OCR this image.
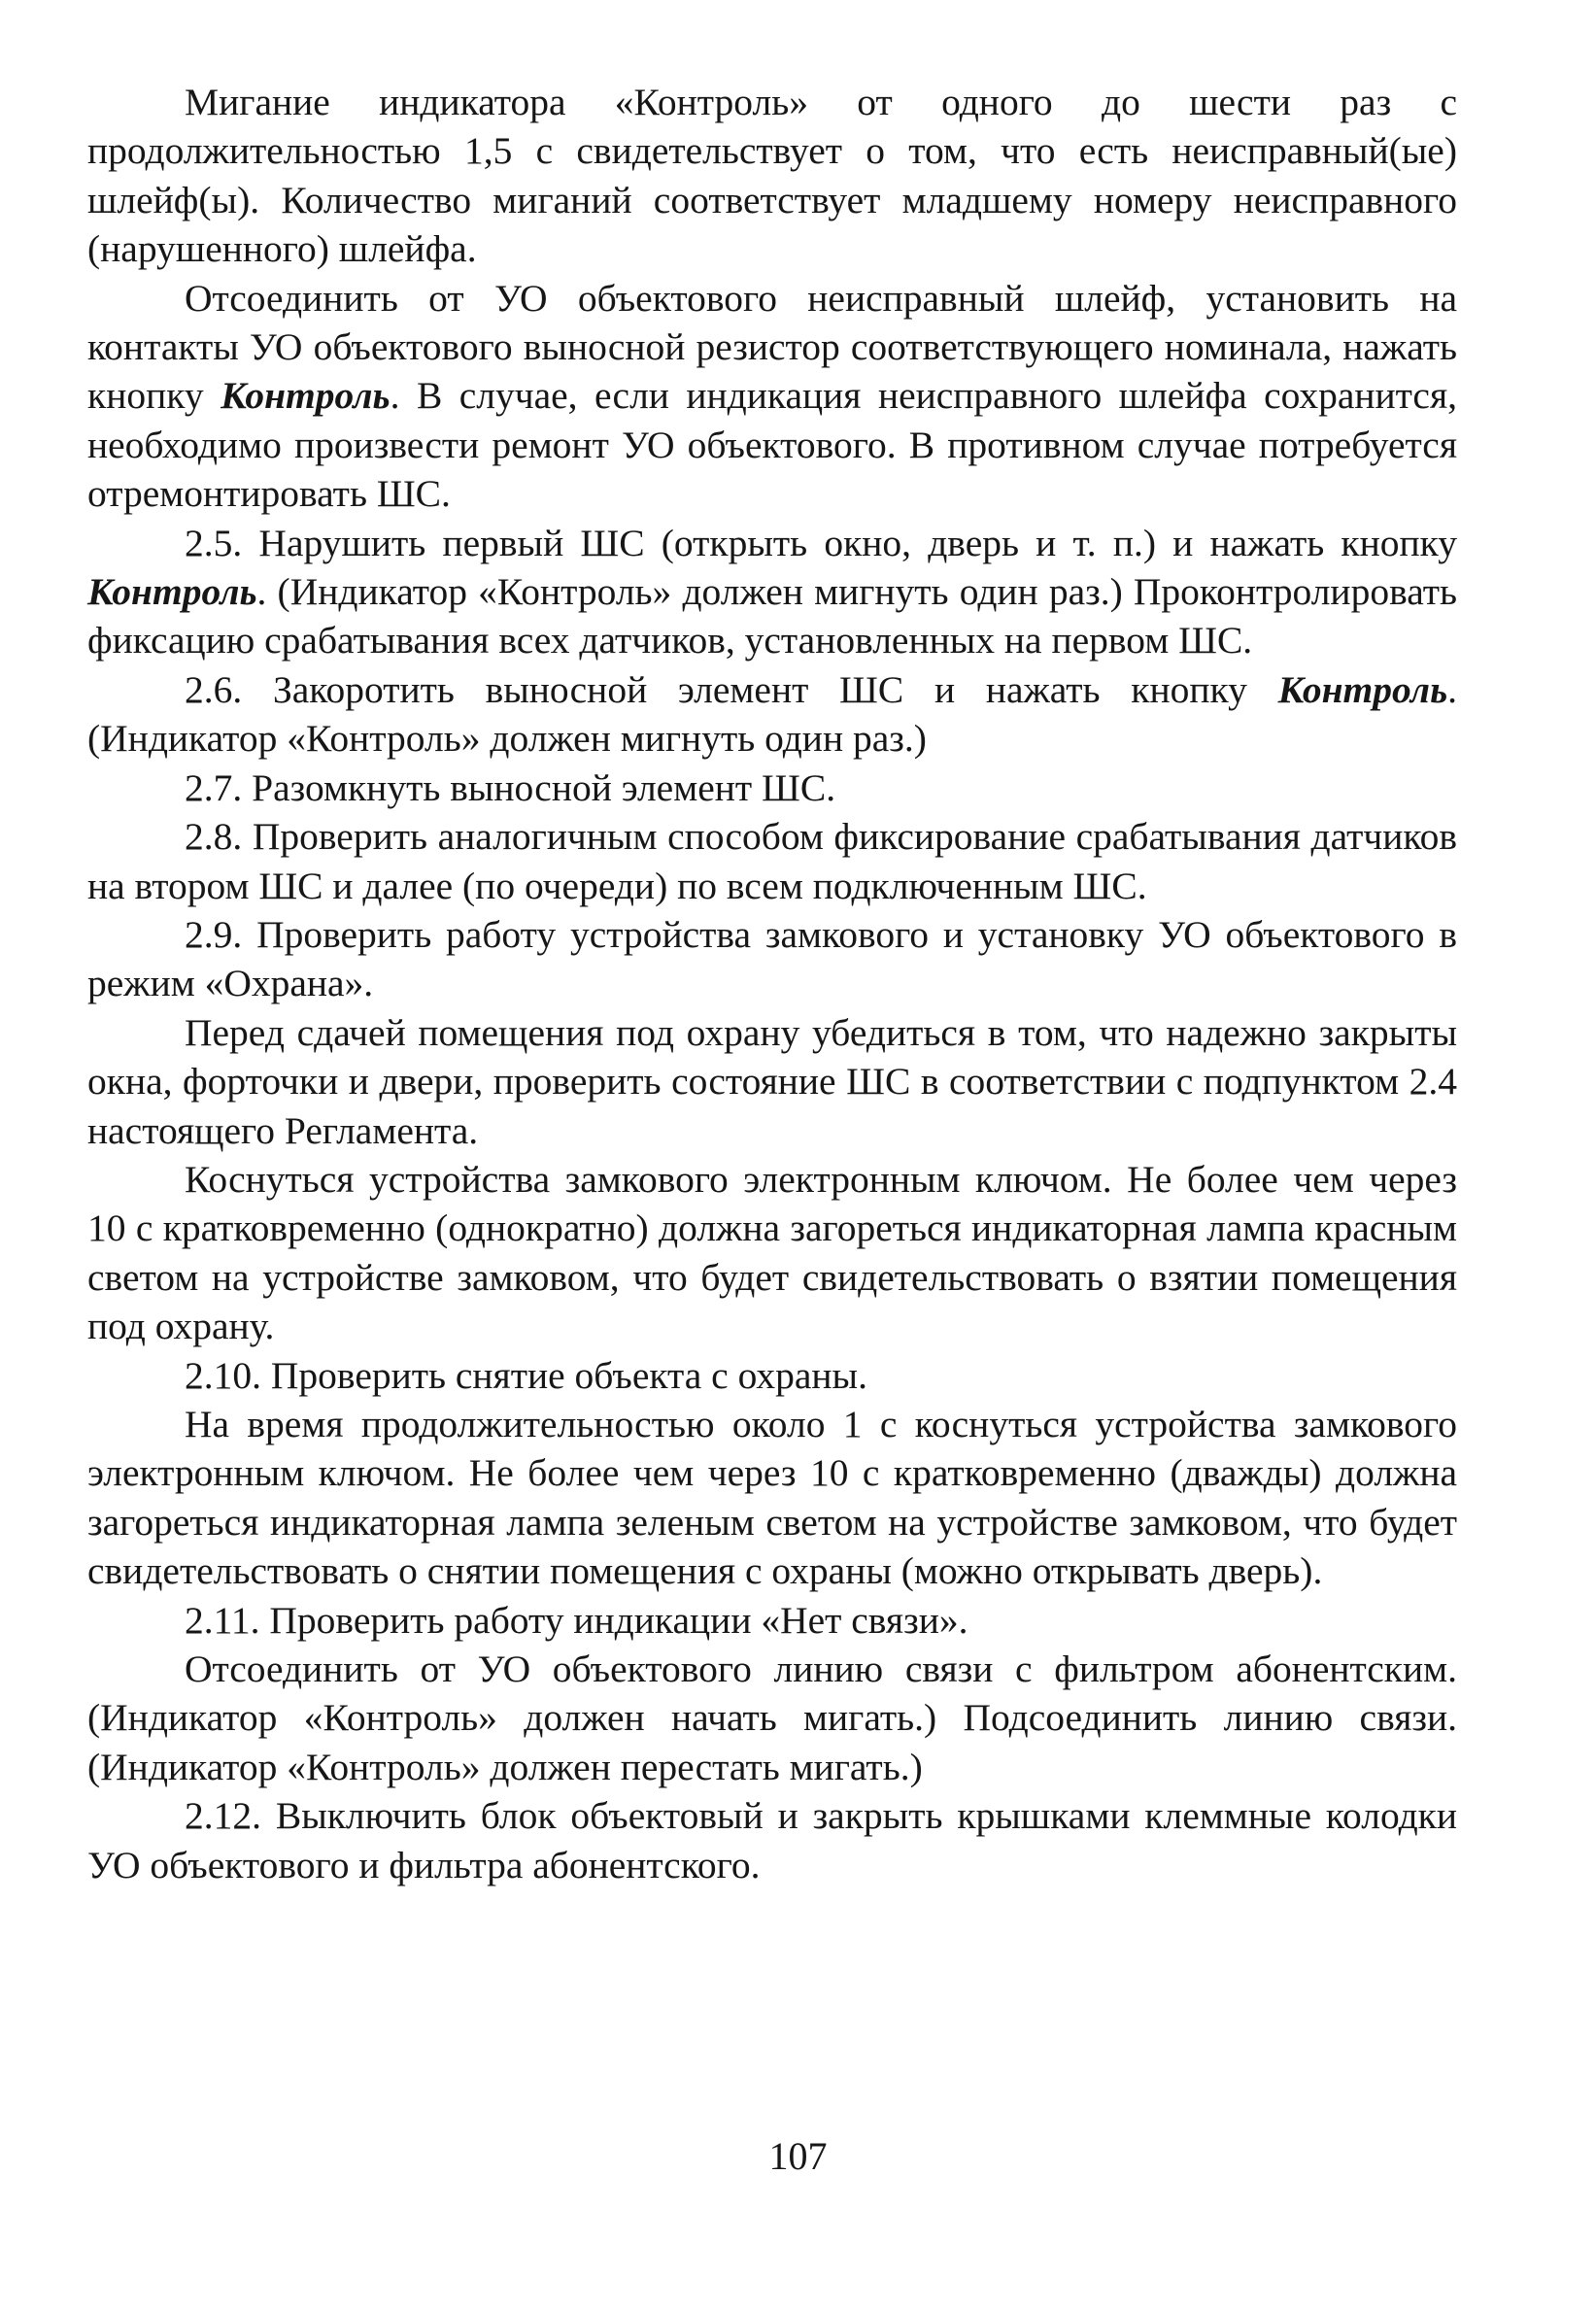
Мигание индикатора «Контроль» от одного до шести раз с продолжительностью 1,5 с свидетельствует о том, что есть неисправный(ые) шлейф(ы). Количество миганий соответствует младшему номеру неисправного (нарушенного) шлейфа.

Отсоединить от УО объектового неисправный шлейф, установить на контакты УО объектового выносной резистор соответствующего номинала, нажать кнопку Контроль. В случае, если индикация неисправного шлейфа сохранится, необходимо произвести ремонт УО объектового. В противном случае потребуется отремонтировать ШС.

2.5. Нарушить первый ШС (открыть окно, дверь и т. п.) и нажать кнопку Контроль. (Индикатор «Контроль» должен мигнуть один раз.) Проконтролировать фиксацию срабатывания всех датчиков, установленных на первом ШС.

2.6. Закоротить выносной элемент ШС и нажать кнопку Контроль. (Индикатор «Контроль» должен мигнуть один раз.)

2.7. Разомкнуть выносной элемент ШС.

2.8. Проверить аналогичным способом фиксирование срабатывания датчиков на втором ШС и далее (по очереди) по всем подключенным ШС.

2.9. Проверить работу устройства замкового и установку УО объектового в режим «Охрана».

Перед сдачей помещения под охрану убедиться в том, что надежно закрыты окна, форточки и двери, проверить состояние ШС в соответствии с подпунктом 2.4 настоящего Регламента.

Коснуться устройства замкового электронным ключом. Не более чем через 10 с кратковременно (однократно) должна загореться индикаторная лампа красным светом на устройстве замковом, что будет свидетельствовать о взятии помещения под охрану.

2.10. Проверить снятие объекта с охраны.

На время продолжительностью около 1 с коснуться устройства замкового электронным ключом. Не более чем через 10 с кратковременно (дважды) должна загореться индикаторная лампа зеленым светом на устройстве замковом, что будет свидетельствовать о снятии помещения с охраны (можно открывать дверь).

2.11. Проверить работу индикации «Нет связи».

Отсоединить от УО объектового линию связи с фильтром абонентским. (Индикатор «Контроль» должен начать мигать.) Подсоединить линию связи. (Индикатор «Контроль» должен перестать мигать.)

2.12. Выключить блок объектовый и закрыть крышками клеммные колодки УО объектового и фильтра абонентского.

107
